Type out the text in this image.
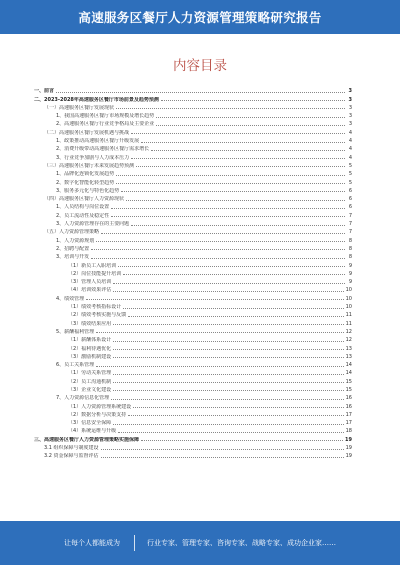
高速服务区餐厅人力资源管理策略研究报告
内容目录
一、前言	3
二、2023-2028年高速服务区餐厅市场前景及趋势预测	3
（一）高速服务区餐厅发展现状	3
1、我国高速服务区餐厅市场规模及增长趋势	3
2、高速服务区餐厅行业竞争格局及主要企业	3
（二）高速服务区餐厅发展机遇与挑战	4
1、政策推动高速服务区餐厅升级发展	4
2、消费升级带动高速服务区餐厅需求增长	4
3、行业竞争加剧与人力成本压力	4
（三）高速服务区餐厅未来发展趋势预测	5
1、品牌化连锁化发展趋势	5
2、数字化智能化转型趋势	5
3、服务多元化与特色化趋势	6
（四）高速服务区餐厅人力资源现状	6
1、人员结构与岗位设置	6
2、员工流动性及稳定性	7
3、人力资源管理存在的主要问题	7
（五）人力资源管理策略	7
1、人力资源规划	8
2、招聘与配置	8
3、培训与开发	8
（1）新员工入职培训	9
（2）岗位技能提升培训	9
（3）管理人员培训	9
（4）培训效果评估	10
4、绩效管理	10
（1）绩效考核指标设计	10
（2）绩效考核实施与反馈	11
（3）绩效结果应用	11
5、薪酬福利管理	12
（1）薪酬体系设计	12
（2）福利待遇优化	13
（3）激励机制建设	13
6、员工关系管理	14
（1）劳动关系管理	14
（2）员工沟通机制	15
（3）企业文化建设	15
7、人力资源信息化管理	16
（1）人力资源管理系统建设	16
（2）数据分析与决策支持	17
（3）信息安全保障	17
（4）系统运维与升级	18
三、高速服务区餐厅人力资源管理策略实施保障	19
3.1 组织保障与制度建设	19
3.2 资金保障与监督评估	19
让每个人都能成为	行业专家、管理专家、咨询专家、战略专家、成功企业家……
